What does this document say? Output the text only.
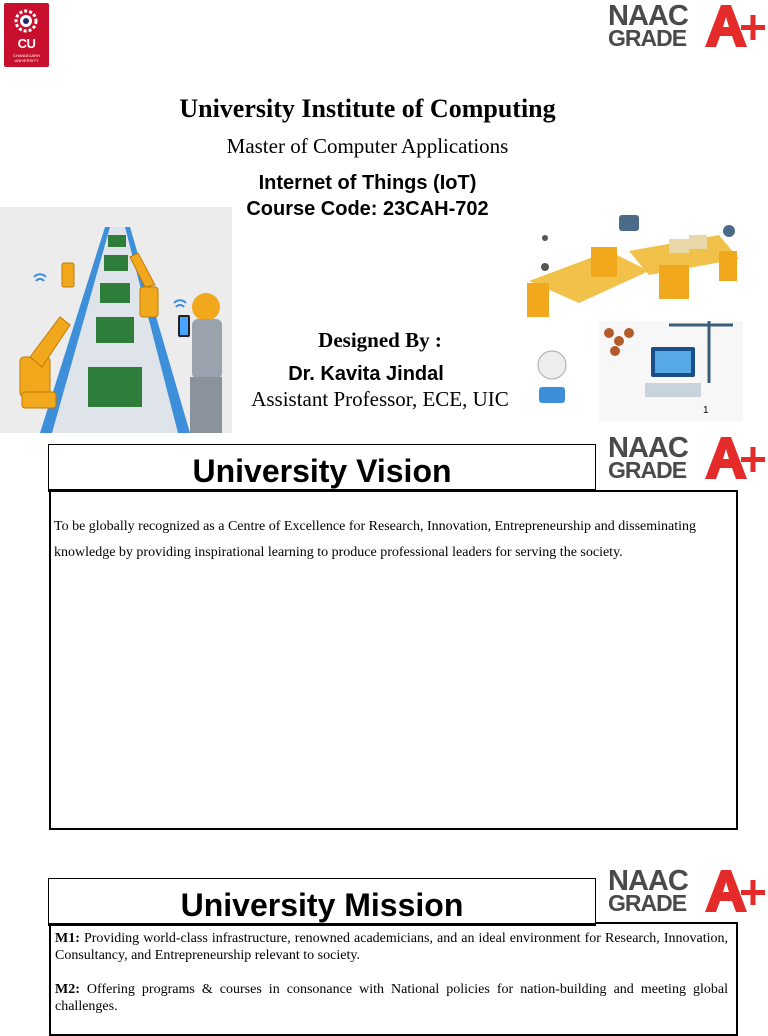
CU
CHANDIGARH UNIVERSITY
NAAC
GRADE
University Institute of Computing
Master of Computer Applications
Internet of Things (IoT)
Course Code: 23CAH-702
Designed By :
Dr. Kavita Jindal
Assistant Professor, ECE, UIC	1
University Vision
NAAC
GRADE
To be globally recognized as a Centre of Excellence for Research, Innovation, Entrepreneurship and disseminating knowledge by providing inspirational learning to produce professional leaders for serving the society.
University Mission
NAAC
GRADE

M1: Providing world-class infrastructure, renowned academicians, and an ideal environment for Research, Innovation, Consultancy, and Entrepreneurship relevant to society.

M2: Offering programs & courses in consonance with National policies for nation-building and meeting global challenges.
